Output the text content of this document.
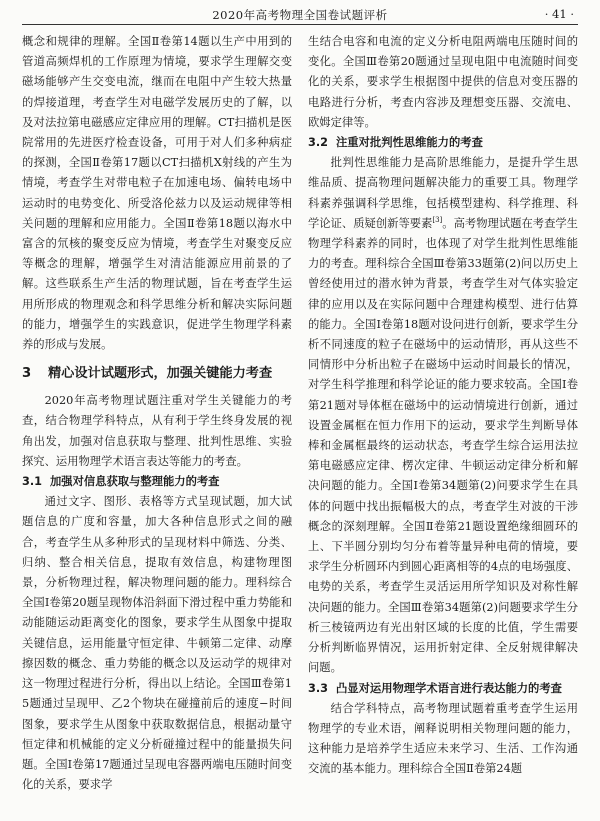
2020年高考物理全国卷试题评析	· 41 ·

概念和规律的理解。全国Ⅱ卷第14题以生产中用到的管道高频焊机的工作原理为情境，要求学生理解交变磁场能够产生交变电流，继而在电阻中产生较大热量的焊接道理，考查学生对电磁学发展历史的了解，以及对法拉第电磁感应定律应用的理解。CT扫描机是医院常用的先进医疗检查设备，可用于对人们多种病症的探测，全国Ⅱ卷第17题以CT扫描机X射线的产生为情境，考查学生对带电粒子在加速电场、偏转电场中运动时的电势变化、所受洛伦兹力以及运动规律等相关问题的理解和应用能力。全国Ⅱ卷第18题以海水中富含的氘核的聚变反应为情境，考查学生对聚变反应等概念的理解，增强学生对清洁能源应用前景的了解。这些联系生产生活的物理试题，旨在考查学生运用所形成的物理观念和科学思维分析和解决实际问题的能力，增强学生的实践意识，促进学生物理学科素养的形成与发展。

3 精心设计试题形式，加强关键能力考查

2020年高考物理试题注重对学生关键能力的考查，结合物理学科特点，从有利于学生终身发展的视角出发，加强对信息获取与整理、批判性思维、实验探究、运用物理学术语言表达等能力的考查。

3.1 加强对信息获取与整理能力的考查

通过文字、图形、表格等方式呈现试题，加大试题信息的广度和容量，加大各种信息形式之间的融合，考查学生从多种形式的呈现材料中筛选、分类、归纳、整合相关信息，提取有效信息，构建物理图景，分析物理过程，解决物理问题的能力。理科综合全国Ⅰ卷第20题呈现物体沿斜面下滑过程中重力势能和动能随运动距离变化的图象，要求学生从图象中提取关键信息，运用能量守恒定律、牛顿第二定律、动摩擦因数的概念、重力势能的概念以及运动学的规律对这一物理过程进行分析，得出以上结论。全国Ⅲ卷第15题通过呈现甲、乙2个物块在碰撞前后的速度−时间图象，要求学生从图象中获取数据信息，根据动量守恒定律和机械能的定义分析碰撞过程中的能量损失问题。全国Ⅰ卷第17题通过呈现电容器两端电压随时间变化的关系，要求学

生结合电容和电流的定义分析电阻两端电压随时间的变化。全国Ⅲ卷第20题通过呈现电阻中电流随时间变化的关系，要求学生根据图中提供的信息对变压器的电路进行分析，考查内容涉及理想变压器、交流电、欧姆定律等。

3.2 注重对批判性思维能力的考查

批判性思维能力是高阶思维能力，是提升学生思维品质、提高物理问题解决能力的重要工具。物理学科素养强调科学思维，包括模型建构、科学推理、科学论证、质疑创新等要素[3]。高考物理试题在考查学生物理学科素养的同时，也体现了对学生批判性思维能力的考查。理科综合全国Ⅲ卷第33题第(2)问以历史上曾经使用过的潜水钟为背景，考查学生对气体实验定律的应用以及在实际问题中合理建构模型、进行估算的能力。全国Ⅰ卷第18题对设问进行创新，要求学生分析不同速度的粒子在磁场中的运动情形，再从这些不同情形中分析出粒子在磁场中运动时间最长的情况，对学生科学推理和科学论证的能力要求较高。全国Ⅰ卷第21题对导体框在磁场中的运动情境进行创新，通过设置金属框在恒力作用下的运动，要求学生判断导体棒和金属框最终的运动状态，考查学生综合运用法拉第电磁感应定律、楞次定律、牛顿运动定律分析和解决问题的能力。全国Ⅰ卷第34题第(2)问要求学生在具体的问题中找出振幅极大的点，考查学生对波的干涉概念的深刻理解。全国Ⅱ卷第21题设置绝缘细圆环的上、下半圆分别均匀分布着等量异种电荷的情境，要求学生分析圆环内到圆心距离相等的4点的电场强度、电势的关系，考查学生灵活运用所学知识及对称性解决问题的能力。全国Ⅲ卷第34题第(2)问题要求学生分析三棱镜两边有光出射区域的长度的比值，学生需要分析判断临界情况，运用折射定律、全反射规律解决问题。

3.3 凸显对运用物理学术语言进行表达能力的考查

结合学科特点，高考物理试题着重考查学生运用物理学的专业术语，阐释说明相关物理问题的能力，这种能力是培养学生适应未来学习、生活、工作沟通交流的基本能力。理科综合全国Ⅱ卷第24题
